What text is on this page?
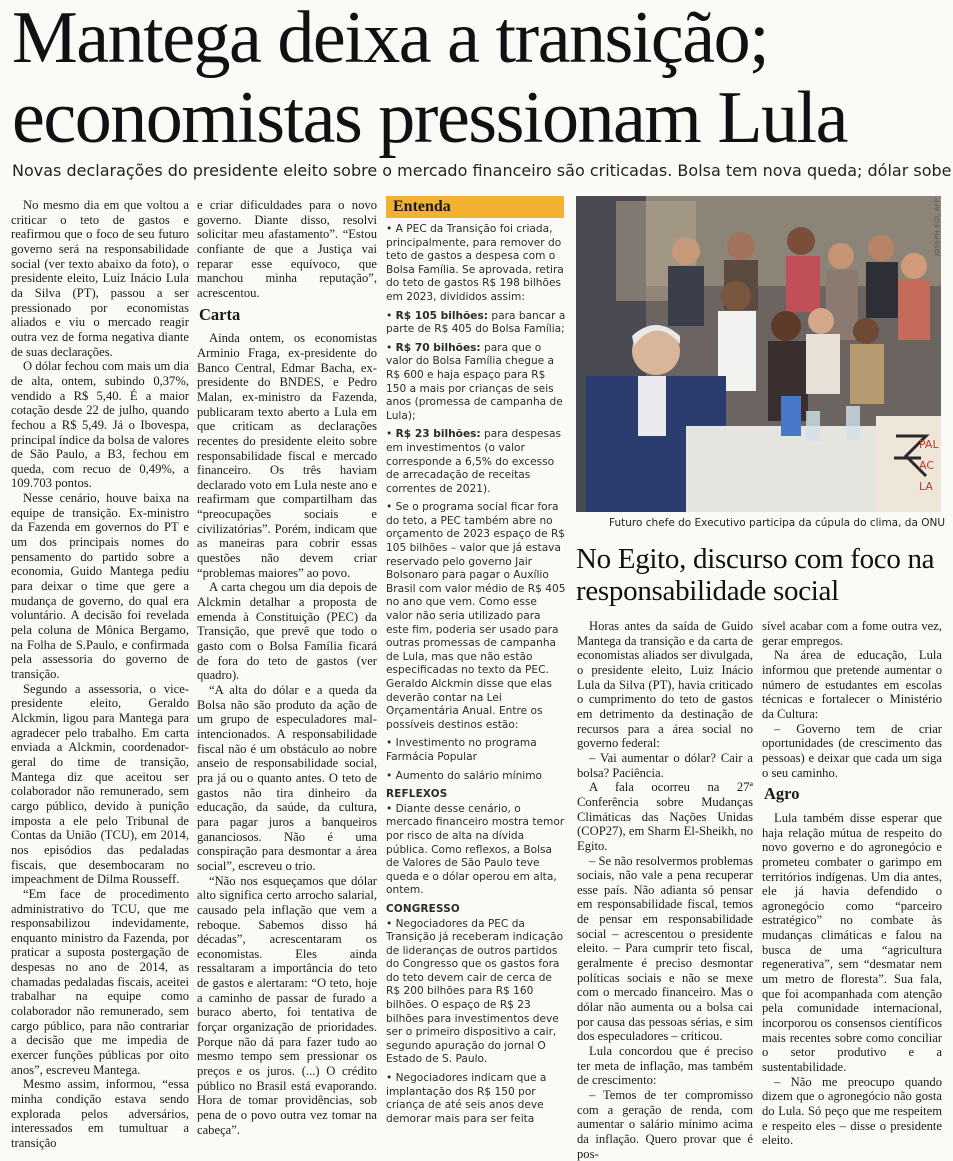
Mantega deixa a transição;
economistas pressionam Lula
Novas declarações do presidente eleito sobre o mercado financeiro são criticadas. Bolsa tem nova queda; dólar sobe

No mesmo dia em que voltou a criticar o teto de gastos e reafirmou que o foco de seu futuro governo será na responsabilidade social (ver texto abaixo da foto), o presidente eleito, Luiz Inácio Lula da Silva (PT), passou a ser pressionado por economistas aliados e viu o mercado reagir outra vez de forma negativa diante de suas declarações.

O dólar fechou com mais um dia de alta, ontem, subindo 0,37%, vendido a R$ 5,40. É a maior cotação desde 22 de julho, quando fechou a R$ 5,49. Já o Ibovespa, principal índice da bolsa de valores de São Paulo, a B3, fechou em queda, com recuo de 0,49%, a 109.703 pontos.

Nesse cenário, houve baixa na equipe de transição. Ex-ministro da Fazenda em governos do PT e um dos principais nomes do pensamento do partido sobre a economia, Guido Mantega pediu para deixar o time que gere a mudança de governo, do qual era voluntário. A decisão foi revelada pela coluna de Mônica Bergamo, na Folha de S.Paulo, e confirmada pela assessoria do governo de transição.

Segundo a assessoria, o vice-presidente eleito, Geraldo Alckmin, ligou para Mantega para agradecer pelo trabalho. Em carta enviada a Alckmin, coordenador-geral do time de transição, Mantega diz que aceitou ser colaborador não remunerado, sem cargo público, devido à punição imposta a ele pelo Tribunal de Contas da União (TCU), em 2014, nos episódios das pedaladas fiscais, que desembocaram no impeachment de Dilma Rousseff.

“Em face de procedimento administrativo do TCU, que me responsabilizou indevidamente, enquanto ministro da Fazenda, por praticar a suposta postergação de despesas no ano de 2014, as chamadas pedaladas fiscais, aceitei trabalhar na equipe como colaborador não remunerado, sem cargo público, para não contrariar a decisão que me impedia de exercer funções públicas por oito anos”, escreveu Mantega.

Mesmo assim, informou, “essa minha condição estava sendo explorada pelos adversários, interessados em tumultuar a transição

e criar dificuldades para o novo governo. Diante disso, resolvi solicitar meu afastamento”. “Estou confiante de que a Justiça vai reparar esse equívoco, que manchou minha reputação”, acrescentou.

Carta

Ainda ontem, os economistas Arminio Fraga, ex-presidente do Banco Central, Edmar Bacha, ex-presidente do BNDES, e Pedro Malan, ex-ministro da Fazenda, publicaram texto aberto a Lula em que criticam as declarações recentes do presidente eleito sobre responsabilidade fiscal e mercado financeiro. Os três haviam declarado voto em Lula neste ano e reafirmam que compartilham das “preocupações sociais e civilizatórias”. Porém, indicam que as maneiras para cobrir essas questões não devem criar “problemas maiores” ao povo.

A carta chegou um dia depois de Alckmin detalhar a proposta de emenda à Constituição (PEC) da Transição, que prevê que todo o gasto com o Bolsa Família ficará de fora do teto de gastos (ver quadro).

“A alta do dólar e a queda da Bolsa não são produto da ação de um grupo de especuladores mal-intencionados. A responsabilidade fiscal não é um obstáculo ao nobre anseio de responsabilidade social, pra já ou o quanto antes. O teto de gastos não tira dinheiro da educação, da saúde, da cultura, para pagar juros a banqueiros gananciosos. Não é uma conspiração para desmontar a área social”, escreveu o trio.

“Não nos esqueçamos que dólar alto significa certo arrocho salarial, causado pela inflação que vem a reboque. Sabemos disso há décadas”, acrescentaram os economistas. Eles ainda ressaltaram a importância do teto de gastos e alertaram: “O teto, hoje a caminho de passar de furado a buraco aberto, foi tentativa de forçar organização de prioridades. Porque não dá para fazer tudo ao mesmo tempo sem pressionar os preços e os juros. (...) O crédito público no Brasil está evaporando. Hora de tomar providências, sob pena de o povo outra vez tomar na cabeça”.

Entenda

• A PEC da Transição foi criada, principalmente, para remover do teto de gastos a despesa com o Bolsa Família. Se aprovada, retira do teto de gastos R$ 198 bilhões em 2023, divididos assim:

• R$ 105 bilhões: para bancar a parte de R$ 405 do Bolsa Família;

• R$ 70 bilhões: para que o valor do Bolsa Família chegue a R$ 600 e haja espaço para R$ 150 a mais por crianças de seis anos (promessa de campanha de Lula);

• R$ 23 bilhões: para despesas em investimentos (o valor corresponde a 6,5% do excesso de arrecadação de receitas correntes de 2021).

• Se o programa social ficar fora do teto, a PEC também abre no orçamento de 2023 espaço de R$ 105 bilhões – valor que já estava reservado pelo governo Jair Bolsonaro para pagar o Auxílio Brasil com valor médio de R$ 405 no ano que vem. Como esse valor não seria utilizado para este fim, poderia ser usado para outras promessas de campanha de Lula, mas que não estão especificadas no texto da PEC. Geraldo Alckmin disse que elas deverão contar na Lei Orçamentária Anual. Entre os possíveis destinos estão:

• Investimento no programa Farmácia Popular

• Aumento do salário mínimo

REFLEXOS

• Diante desse cenário, o mercado financeiro mostra temor por risco de alta na dívida pública. Como reflexos, a Bolsa de Valores de São Paulo teve queda e o dólar operou em alta, ontem.

CONGRESSO

• Negociadores da PEC da Transição já receberam indicação de lideranças de outros partidos do Congresso que os gastos fora do teto devem cair de cerca de R$ 200 bilhões para R$ 160 bilhões. O espaço de R$ 23 bilhões para investimentos deve ser o primeiro dispositivo a cair, segundo apuração do jornal O Estado de S. Paulo.

• Negociadores indicam que a implantação dos R$ 150 por criança de até seis anos deve demorar mais para ser feita

PAL
AC
LA
JOSEPH EID, AFP
Futuro chefe do Executivo participa da cúpula do clima, da ONU
No Egito, discurso com foco na responsabilidade social

Horas antes da saída de Guido Mantega da transição e da carta de economistas aliados ser divulgada, o presidente eleito, Luiz Inácio Lula da Silva (PT), havia criticado o cumprimento do teto de gastos em detrimento da destinação de recursos para a área social no governo federal:

– Vai aumentar o dólar? Cair a bolsa? Paciência.

A fala ocorreu na 27ª Conferência sobre Mudanças Climáticas das Nações Unidas (COP27), em Sharm El-Sheikh, no Egito.

– Se não resolvermos problemas sociais, não vale a pena recuperar esse país. Não adianta só pensar em responsabilidade fiscal, temos de pensar em responsabilidade social – acrescentou o presidente eleito. – Para cumprir teto fiscal, geralmente é preciso desmontar políticas sociais e não se mexe com o mercado financeiro. Mas o dólar não aumenta ou a bolsa cai por causa das pessoas sérias, e sim dos especuladores – criticou.

Lula concordou que é preciso ter meta de inflação, mas também de crescimento:

– Temos de ter compromisso com a geração de renda, com aumentar o salário mínimo acima da inflação. Quero provar que é pos-

sível acabar com a fome outra vez, gerar empregos.

Na área de educação, Lula informou que pretende aumentar o número de estudantes em escolas técnicas e fortalecer o Ministério da Cultura:

– Governo tem de criar oportunidades (de crescimento das pessoas) e deixar que cada um siga o seu caminho.

Agro

Lula também disse esperar que haja relação mútua de respeito do novo governo e do agronegócio e prometeu combater o garimpo em territórios indígenas. Um dia antes, ele já havia defendido o agronegócio como “parceiro estratégico” no combate às mudanças climáticas e falou na busca de uma “agricultura regenerativa”, sem “desmatar nem um metro de floresta”. Sua fala, que foi acompanhada com atenção pela comunidade internacional, incorporou os consensos científicos mais recentes sobre como conciliar o setor produtivo e a sustentabilidade.

– Não me preocupo quando dizem que o agronegócio não gosta do Lula. Só peço que me respeitem e respeito eles – disse o presidente eleito.
